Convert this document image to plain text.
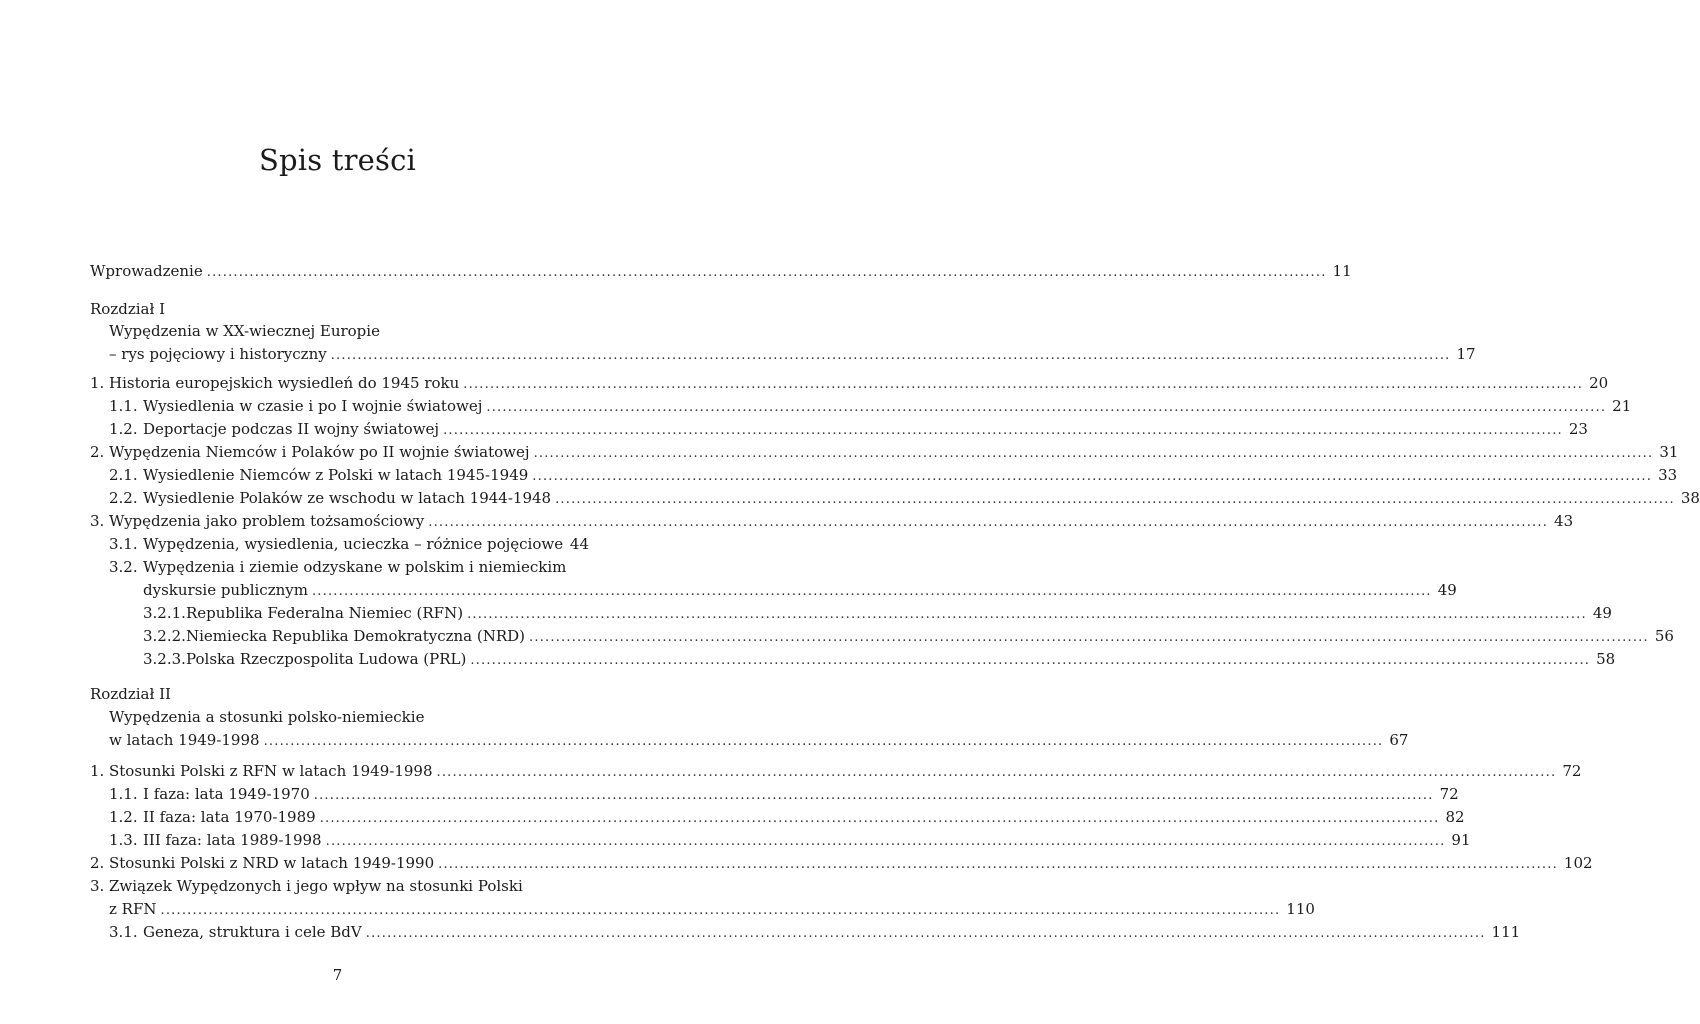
Spis treści
Wprowadzenie .....	11
Rozdział I
Wypędzenia w XX-wiecznej Europie
– rys pojęciowy i historyczny .....	17
1. Historia europejskich wysiedleń do 1945 roku .....	20
1.1. Wysiedlenia w czasie i po I wojnie światowej .....	21
1.2. Deportacje podczas II wojny światowej .....	23
2. Wypędzenia Niemców i Polaków po II wojnie światowej .....	31
2.1. Wysiedlenie Niemców z Polski w latach 1945-1949 .....	33
2.2. Wysiedlenie Polaków ze wschodu w latach 1944-1948 .....	38
3. Wypędzenia jako problem tożsamościowy .....	43
3.1. Wypędzenia, wysiedlenia, ucieczka – różnice pojęciowe 44
3.2. Wypędzenia i ziemie odzyskane w polskim i niemieckim
dyskursie publicznym .....	49
3.2.1. Republika Federalna Niemiec (RFN) .....	49
3.2.2. Niemiecka Republika Demokratyczna (NRD) .....	56
3.2.3. Polska Rzeczpospolita Ludowa (PRL) .....	58
Rozdział II
Wypędzenia a stosunki polsko-niemieckie
w latach 1949-1998 .....	67
1. Stosunki Polski z RFN w latach 1949-1998 .....	72
1.1. I faza: lata 1949-1970 .....	72
1.2. II faza: lata 1970-1989 .....	82
1.3. III faza: lata 1989-1998 .....	91
2. Stosunki Polski z NRD w latach 1949-1990 .....	102
3. Związek Wypędzonych i jego wpływ na stosunki Polski
z RFN .....	110
3.1. Geneza, struktura i cele BdV .....	111
7
